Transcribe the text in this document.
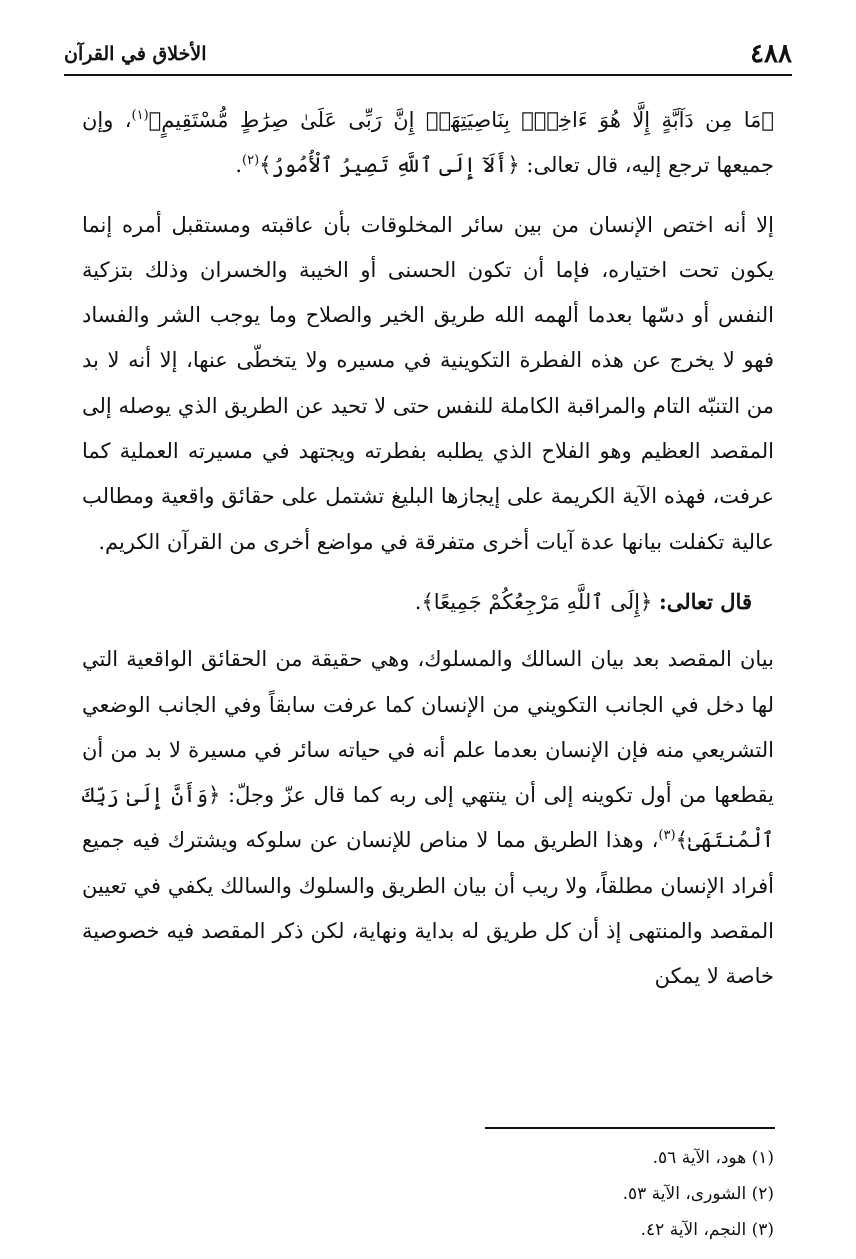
٤٨٨
الأخلاق في القرآن

﴿مَا مِن دَآبَّةٍ إِلَّا هُوَ ءَاخِذٌۢ بِنَاصِيَتِهَآۚ إِنَّ رَبِّى عَلَىٰ صِرَٰطٍ مُّسْتَقِيمٍ﴾$^{(١)}$، وإن جميعها ترجع إليه، قال تعالى: ﴿أَلَآ إِلَى ٱللَّهِ تَصِيرُ ٱلْأُمُورُ﴾$^{(٢)}$.

إلا أنه اختص الإنسان من بين سائر المخلوقات بأن عاقبته ومستقبل أمره إنما يكون تحت اختياره، فإما أن تكون الحسنى أو الخيبة والخسران وذلك بتزكية النفس أو دسّها بعدما ألهمه الله طريق الخير والصلاح وما يوجب الشر والفساد فهو لا يخرج عن هذه الفطرة التكوينية في مسيره ولا يتخطّى عنها، إلا أنه لا بد من التنبّه التام والمراقبة الكاملة للنفس حتى لا تحيد عن الطريق الذي يوصله إلى المقصد العظيم وهو الفلاح الذي يطلبه بفطرته ويجتهد في مسيرته العملية كما عرفت، فهذه الآية الكريمة على إيجازها البليغ تشتمل على حقائق واقعية ومطالب عالية تكفلت بيانها عدة آيات أخرى متفرقة في مواضع أخرى من القرآن الكريم.

قال تعالى: ﴿إِلَى ٱللَّهِ مَرْجِعُكُمْ جَمِيعًا﴾.

بيان المقصد بعد بيان السالك والمسلوك، وهي حقيقة من الحقائق الواقعية التي لها دخل في الجانب التكويني من الإنسان كما عرفت سابقاً وفي الجانب الوضعي التشريعي منه فإن الإنسان بعدما علم أنه في حياته سائر في مسيرة لا بد من أن يقطعها من أول تكوينه إلى أن ينتهي إلى ربه كما قال عزّ وجلّ: ﴿وَأَنَّ إِلَىٰ رَبِّكَ ٱلْمُنتَهَىٰ﴾$^{(٣)}$، وهذا الطريق مما لا مناص للإنسان عن سلوكه ويشترك فيه جميع أفراد الإنسان مطلقاً، ولا ريب أن بيان الطريق والسلوك والسالك يكفي في تعيين المقصد والمنتهى إذ أن كل طريق له بداية ونهاية، لكن ذكر المقصد فيه خصوصية خاصة لا يمكن

(١) هود، الآية ٥٦.

(٢) الشورى، الآية ٥٣.

(٣) النجم، الآية ٤٢.
